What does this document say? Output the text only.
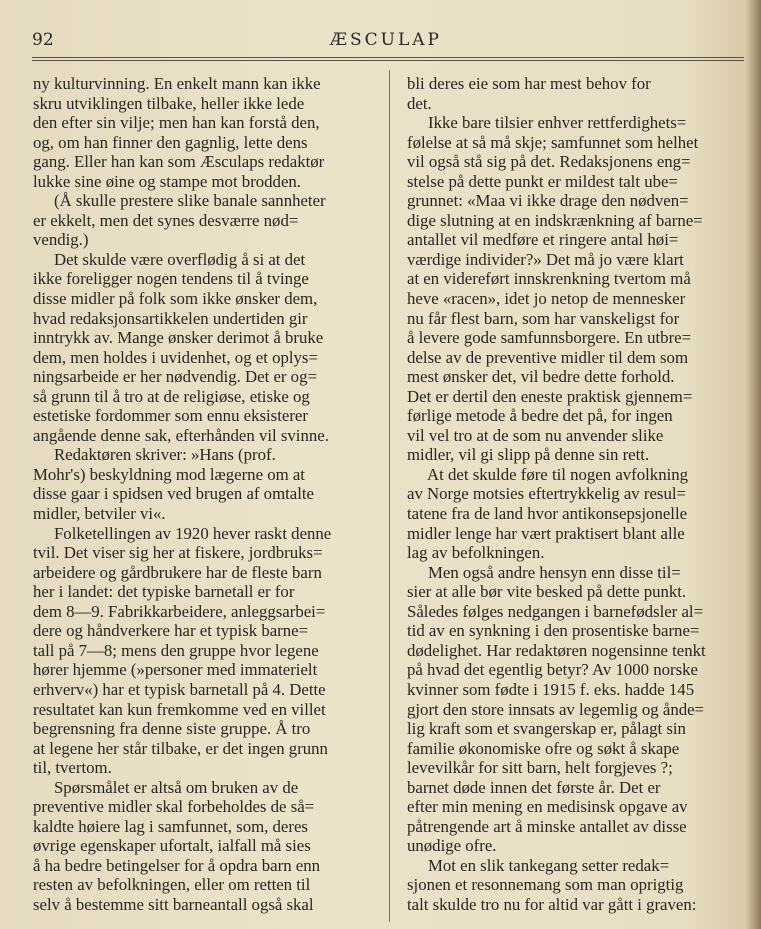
92	ÆSCULAP
ny kulturvinning. En enkelt mann kan ikke
skru utviklingen tilbake, heller ikke lede
den efter sin vilje; men han kan forstå den,
og, om han finner den gagnlig, lette dens
gang. Eller han kan som Æsculaps redaktør
lukke sine øine og stampe mot brodden.
(Å skulle prestere slike banale sannheter
er ekkelt, men det synes desværre nød=
vendig.)
Det skulde være overflødig å si at det
ikke foreligger nogen tendens til å tvinge
disse midler på folk som ikke ønsker dem,
hvad redaksjonsartikkelen undertiden gir
inntrykk av. Mange ønsker derimot å bruke
dem, men holdes i uvidenhet, og et oplys=
ningsarbeide er her nødvendig. Det er og=
så grunn til å tro at de religiøse, etiske og
estetiske fordommer som ennu eksisterer
angående denne sak, efterhånden vil svinne.
Redaktøren skriver: »Hans (prof.
Mohr's) beskyldning mod lægerne om at
disse gaar i spidsen ved brugen af omtalte
midler, betviler vi«.
Folketellingen av 1920 hever raskt denne
tvil. Det viser sig her at fiskere, jordbruks=
arbeidere og gårdbrukere har de fleste barn
her i landet: det typiske barnetall er for
dem 8—9. Fabrikkarbeidere, anleggsarbei=
dere og håndverkere har et typisk barne=
tall på 7—8; mens den gruppe hvor legene
hører hjemme (»personer med immaterielt
erhverv«) har et typisk barnetall på 4. Dette
resultatet kan kun fremkomme ved en villet
begrensning fra denne siste gruppe. Å tro
at legene her står tilbake, er det ingen grunn
til, tvertom.
Spørsmålet er altså om bruken av de
preventive midler skal forbeholdes de så=
kaldte høiere lag i samfunnet, som, deres
øvrige egenskaper ufortalt, ialfall må sies
å ha bedre betingelser for å opdra barn enn
resten av befolkningen, eller om retten til
selv å bestemme sitt barneantall også skal
bli deres eie som har mest behov for
det.
Ikke bare tilsier enhver rettferdighets=
følelse at så må skje; samfunnet som helhet
vil også stå sig på det. Redaksjonens eng=
stelse på dette punkt er mildest talt ube=
grunnet: «Maa vi ikke drage den nødven=
dige slutning at en indskrænkning af barne=
antallet vil medføre et ringere antal høi=
værdige individer?» Det må jo være klart
at en videreført innskrenkning tvertom må
heve «racen», idet jo netop de mennesker
nu får flest barn, som har vanskeligst for
å levere gode samfunnsborgere. En utbre=
delse av de preventive midler til dem som
mest ønsker det, vil bedre dette forhold.
Det er dertil den eneste praktisk gjennem=
førlige metode å bedre det på, for ingen
vil vel tro at de som nu anvender slike
midler, vil gi slipp på denne sin rett.
At det skulde føre til nogen avfolkning
av Norge motsies eftertrykkelig av resul=
tatene fra de land hvor antikonsepsjonelle
midler lenge har vært praktisert blant alle
lag av befolkningen.
Men også andre hensyn enn disse til=
sier at alle bør vite besked på dette punkt.
Således følges nedgangen i barnefødsler al=
tid av en synkning i den prosentiske barne=
dødelighet. Har redaktøren nogensinne tenkt
på hvad det egentlig betyr? Av 1000 norske
kvinner som fødte i 1915 f. eks. hadde 145
gjort den store innsats av legemlig og ånde=
lig kraft som et svangerskap er, pålagt sin
familie økonomiske ofre og søkt å skape
levevilkår for sitt barn, helt forgjeves ?;
barnet døde innen det første år. Det er
efter min mening en medisinsk opgave av
påtrengende art å minske antallet av disse
unødige ofre.
Mot en slik tankegang setter redak=
sjonen et resonnemang som man oprigtig
talt skulde tro nu for altid var gått i graven:
